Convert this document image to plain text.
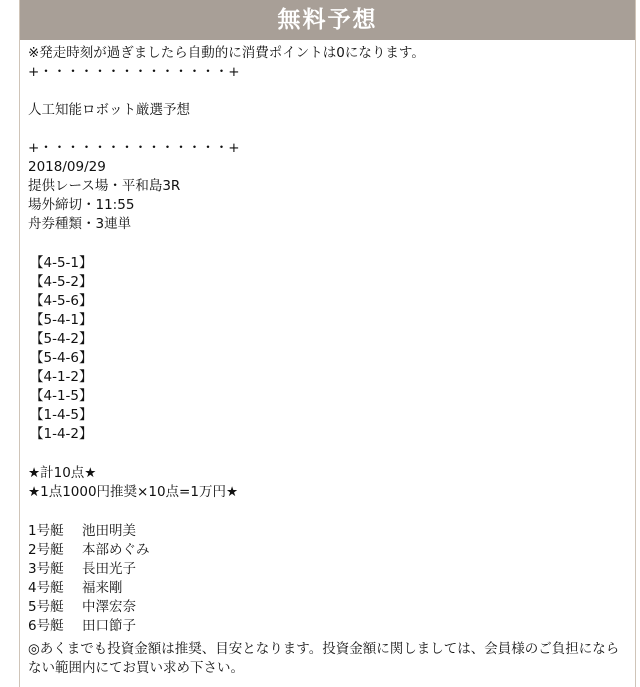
無料予想
※発走時刻が過ぎましたら自動的に消費ポイントは0になります。
+・・・・・・・・・・・・・・+
人工知能ロボット厳選予想
+・・・・・・・・・・・・・・+
2018/09/29
提供レース場・平和島3R
場外締切・11:55
舟券種類・3連単
【4-5-1】
【4-5-2】
【4-5-6】
【5-4-1】
【5-4-2】
【5-4-6】
【4-1-2】
【4-1-5】
【1-4-5】
【1-4-2】
★計10点★
★1点1000円推奨×10点=1万円★
1号艇	池田明美
2号艇	本部めぐみ
3号艇	長田光子
4号艇	福来剛
5号艇	中澤宏奈
6号艇	田口節子
◎あくまでも投資金額は推奨、目安となります。投資金額に関しましては、会員様のご負担にならない範囲内にてお買い求め下さい。
